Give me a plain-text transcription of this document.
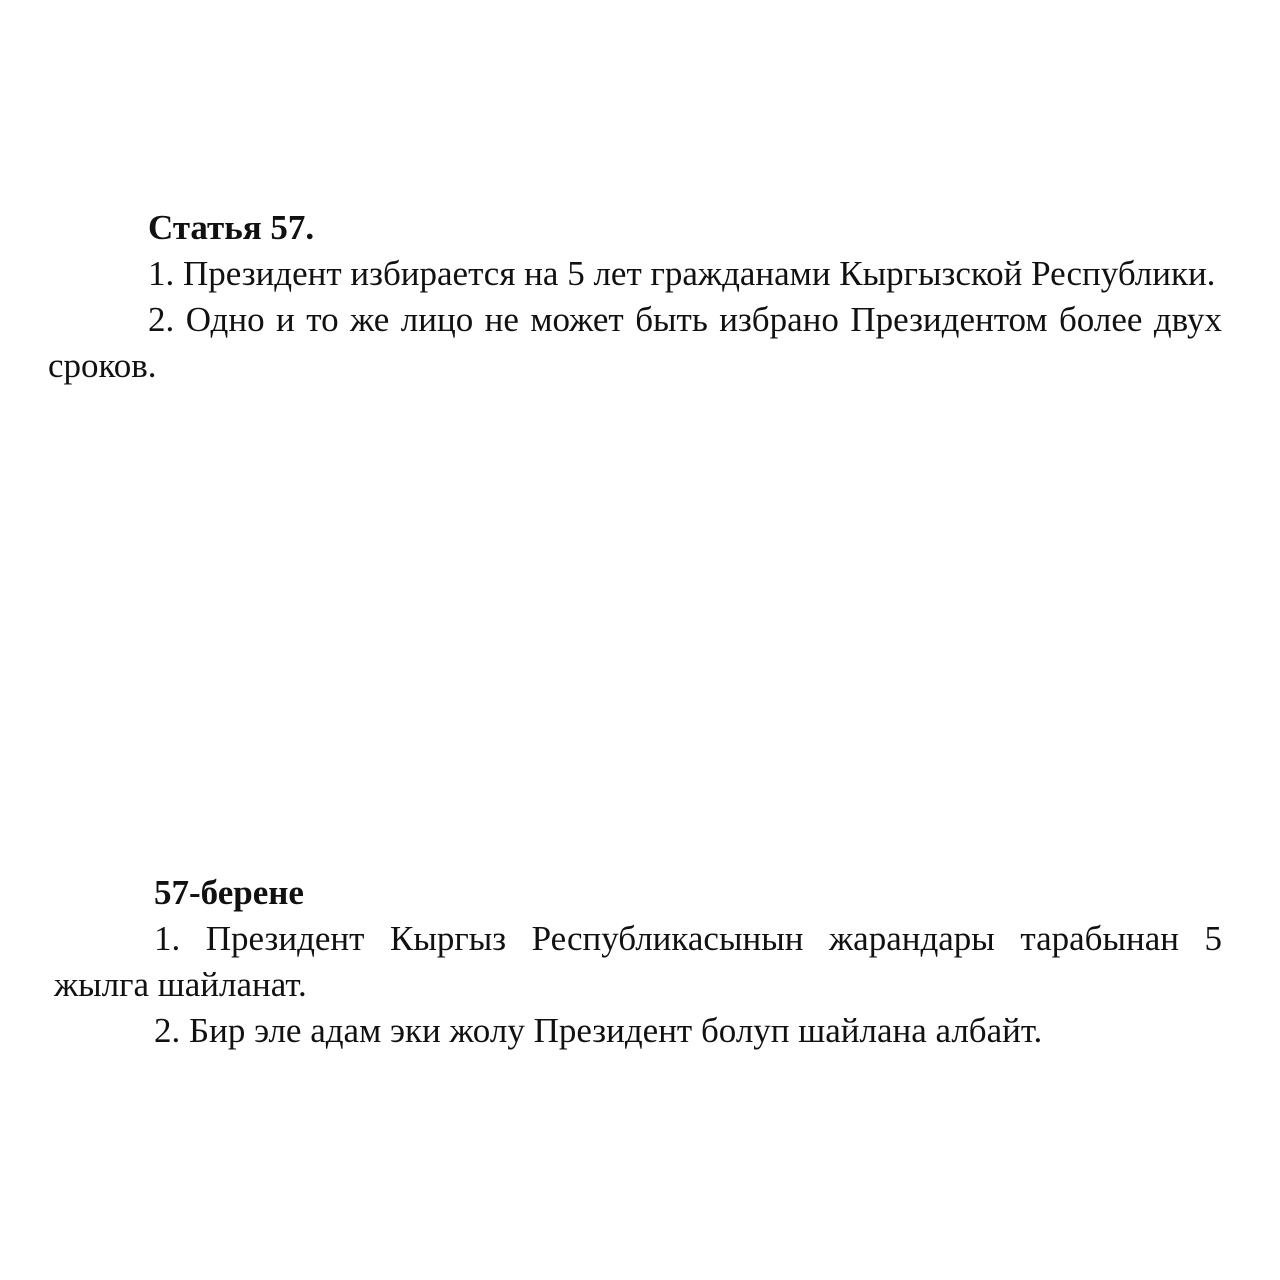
Статья 57.

1. Президент избирается на 5 лет гражданами Кыргызской Республики.

2. Одно и то же лицо не может быть избрано Президентом более двух сроков.

57-берене

1. Президент Кыргыз Республикасынын жарандары тарабынан 5 жылга шайланат.

2. Бир эле адам эки жолу Президент болуп шайлана албайт.
